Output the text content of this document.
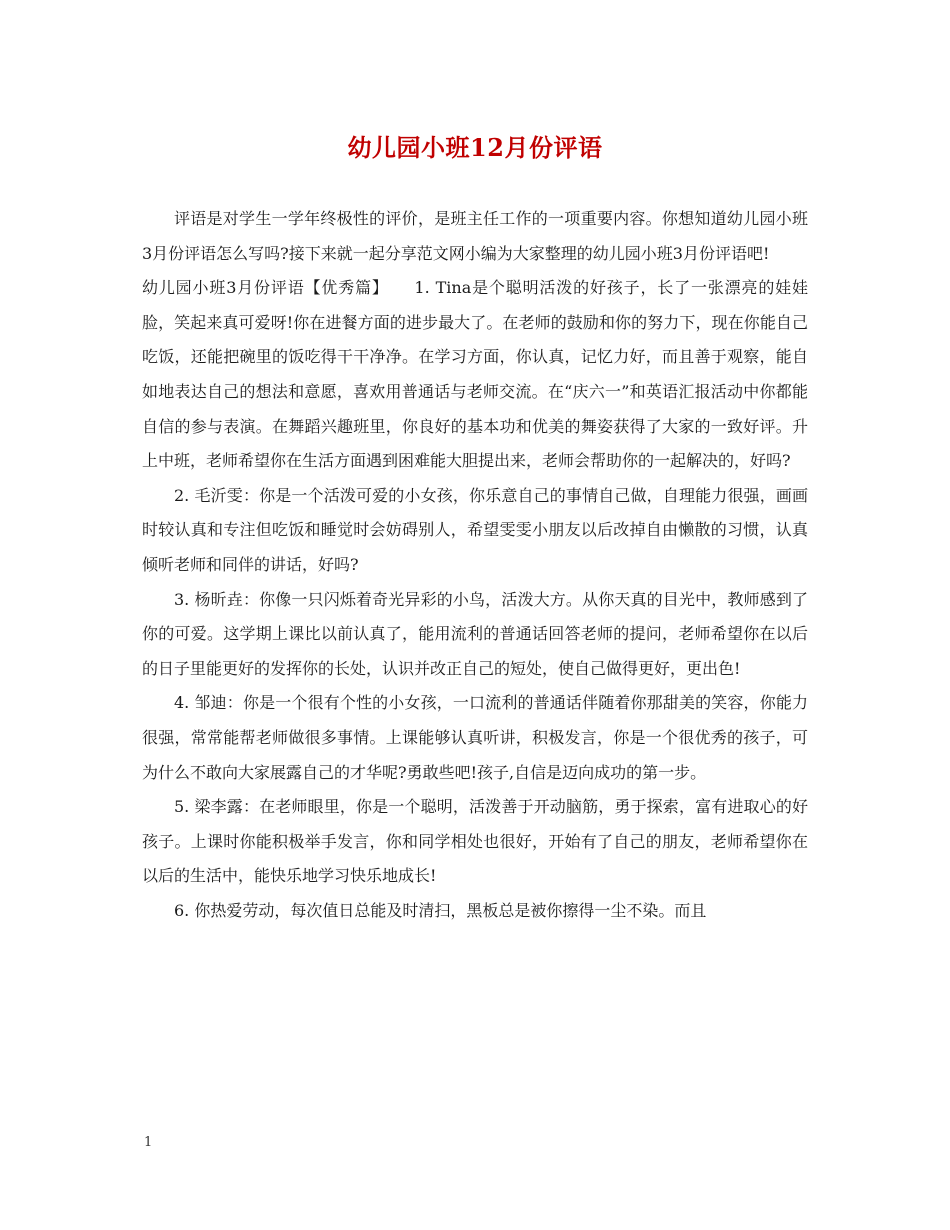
幼儿园小班12月份评语

评语是对学生一学年终极性的评价，是班主任工作的一项重要内容。你想知道幼儿园小班3月份评语怎么写吗?接下来就一起分享范文网小编为大家整理的幼儿园小班3月份评语吧!

幼儿园小班3月份评语【优秀篇】　　1. Tina是个聪明活泼的好孩子，长了一张漂亮的娃娃脸，笑起来真可爱呀!你在进餐方面的进步最大了。在老师的鼓励和你的努力下，现在你能自己吃饭，还能把碗里的饭吃得干干净净。在学习方面，你认真，记忆力好，而且善于观察，能自如地表达自己的想法和意愿，喜欢用普通话与老师交流。在“庆六一”和英语汇报活动中你都能自信的参与表演。在舞蹈兴趣班里，你良好的基本功和优美的舞姿获得了大家的一致好评。升上中班，老师希望你在生活方面遇到困难能大胆提出来，老师会帮助你的一起解决的，好吗?

2. 毛沂雯：你是一个活泼可爱的小女孩，你乐意自己的事情自己做，自理能力很强，画画时较认真和专注但吃饭和睡觉时会妨碍别人，希望雯雯小朋友以后改掉自由懒散的习惯，认真倾听老师和同伴的讲话，好吗?

3. 杨昕垚：你像一只闪烁着奇光异彩的小鸟，活泼大方。从你天真的目光中，教师感到了你的可爱。这学期上课比以前认真了，能用流利的普通话回答老师的提问，老师希望你在以后的日子里能更好的发挥你的长处，认识并改正自己的短处，使自己做得更好，更出色!

4. 邹迪：你是一个很有个性的小女孩，一口流利的普通话伴随着你那甜美的笑容，你能力很强，常常能帮老师做很多事情。上课能够认真听讲，积极发言，你是一个很优秀的孩子，可为什么不敢向大家展露自己的才华呢?勇敢些吧!孩子,自信是迈向成功的第一步。

5. 梁李露：在老师眼里，你是一个聪明，活泼善于开动脑筋，勇于探索，富有进取心的好孩子。上课时你能积极举手发言，你和同学相处也很好，开始有了自己的朋友，老师希望你在以后的生活中，能快乐地学习快乐地成长!

6. 你热爱劳动，每次值日总能及时清扫，黑板总是被你擦得一尘不染。而且

1
